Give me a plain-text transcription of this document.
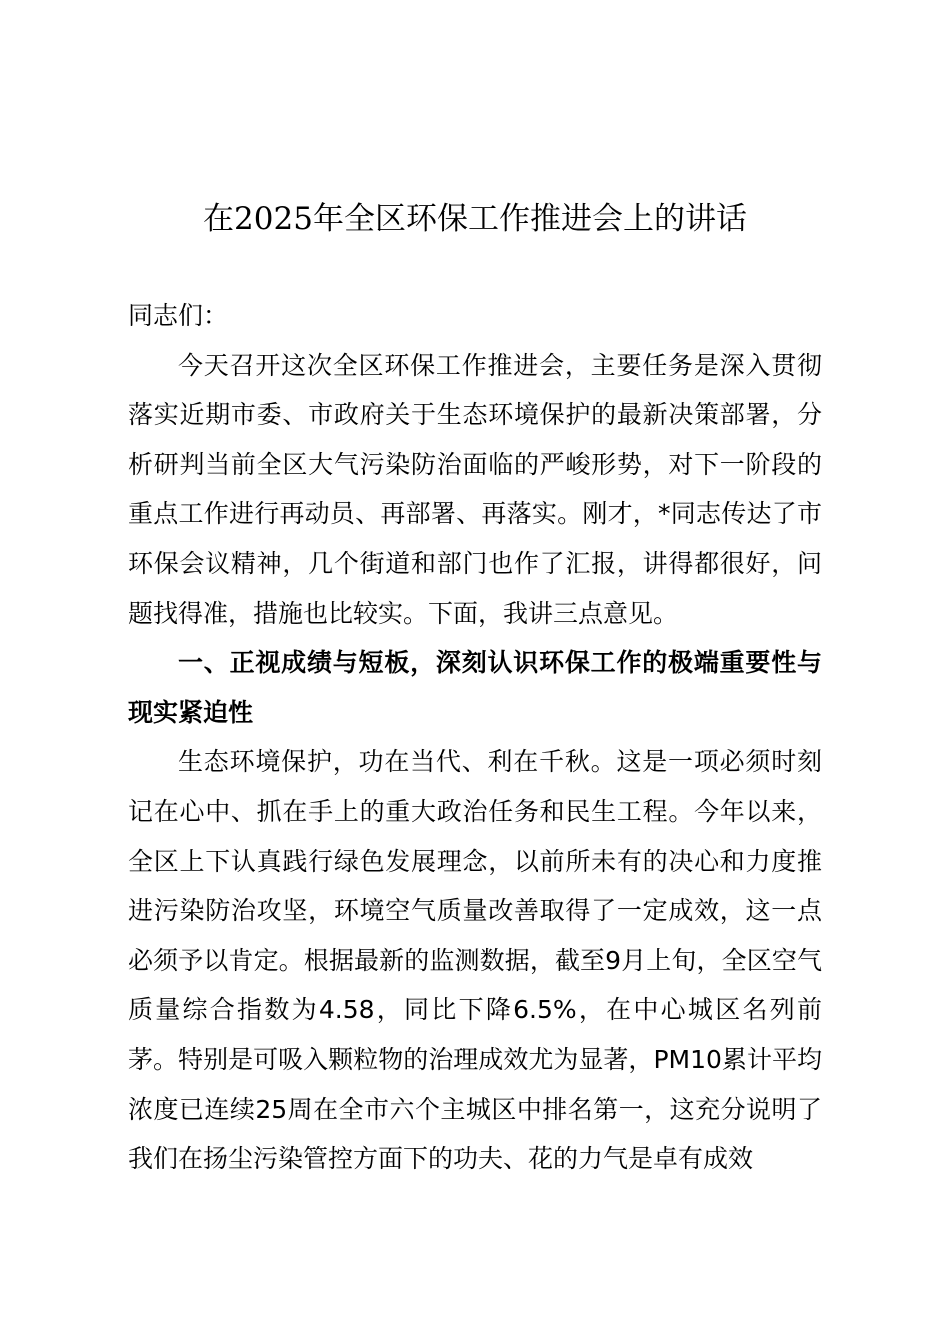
在2025年全区环保工作推进会上的讲话

同志们：

今天召开这次全区环保工作推进会，主要任务是深入贯彻落实近期市委、市政府关于生态环境保护的最新决策部署，分析研判当前全区大气污染防治面临的严峻形势，对下一阶段的重点工作进行再动员、再部署、再落实。刚才，*同志传达了市环保会议精神，几个街道和部门也作了汇报，讲得都很好，问题找得准，措施也比较实。下面，我讲三点意见。

一、正视成绩与短板，深刻认识环保工作的极端重要性与现实紧迫性

生态环境保护，功在当代、利在千秋。这是一项必须时刻记在心中、抓在手上的重大政治任务和民生工程。今年以来，全区上下认真践行绿色发展理念，以前所未有的决心和力度推进污染防治攻坚，环境空气质量改善取得了一定成效，这一点必须予以肯定。根据最新的监测数据，截至9月上旬，全区空气质量综合指数为4.58，同比下降6.5%，在中心城区名列前茅。特别是可吸入颗粒物的治理成效尤为显著，PM10累计平均浓度已连续25周在全市六个主城区中排名第一，这充分说明了我们在扬尘污染管控方面下的功夫、花的力气是卓有成效
